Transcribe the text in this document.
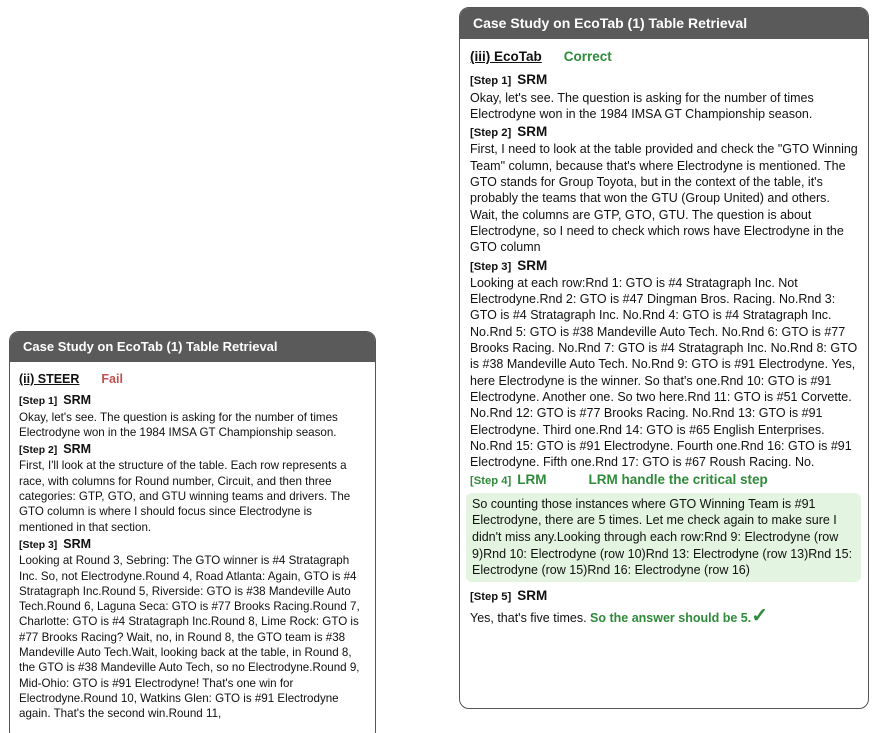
Case Study on EcoTab (1) Table Retrieval
(ii) STEER Fail
[Step 1] SRM
Okay, let's see. The question is asking for the number of times Electrodyne won in the 1984 IMSA GT Championship season.
[Step 2] SRM
First, I'll look at the structure of the table. Each row represents a race, with columns for Round number, Circuit, and then three categories: GTP, GTO, and GTU winning teams and drivers. The GTO column is where I should focus since Electrodyne is mentioned in that section.
[Step 3] SRM
Looking at Round 3, Sebring: The GTO winner is #4 Stratagraph Inc. So, not Electrodyne.Round 4, Road Atlanta: Again, GTO is #4 Stratagraph Inc.Round 5, Riverside: GTO is #38 Mandeville Auto Tech.Round 6, Laguna Seca: GTO is #77 Brooks Racing.Round 7, Charlotte: GTO is #4 Stratagraph Inc.Round 8, Lime Rock: GTO is #77 Brooks Racing? Wait, no, in Round 8, the GTO team is #38 Mandeville Auto Tech.Wait, looking back at the table, in Round 8, the GTO is #38 Mandeville Auto Tech, so no Electrodyne.Round 9, Mid-Ohio: GTO is #91 Electrodyne! That's one win for Electrodyne.Round 10, Watkins Glen: GTO is #91 Electrodyne again. That's the second win.Round 11,
Case Study on EcoTab (1) Table Retrieval
(iii) EcoTab Correct
[Step 1] SRM
Okay, let's see. The question is asking for the number of times Electrodyne won in the 1984 IMSA GT Championship season.
[Step 2] SRM
First, I need to look at the table provided and check the "GTO Winning Team" column, because that's where Electrodyne is mentioned. The GTO stands for Group Toyota, but in the context of the table, it's probably the teams that won the GTU (Group United) and others. Wait, the columns are GTP, GTO, GTU. The question is about Electrodyne, so I need to check which rows have Electrodyne in the GTO column
[Step 3] SRM
Looking at each row:Rnd 1: GTO is #4 Stratagraph Inc. Not Electrodyne.Rnd 2: GTO is #47 Dingman Bros. Racing. No.Rnd 3: GTO is #4 Stratagraph Inc. No.Rnd 4: GTO is #4 Stratagraph Inc. No.Rnd 5: GTO is #38 Mandeville Auto Tech. No.Rnd 6: GTO is #77 Brooks Racing. No.Rnd 7: GTO is #4 Stratagraph Inc. No.Rnd 8: GTO is #38 Mandeville Auto Tech. No.Rnd 9: GTO is #91 Electrodyne. Yes, here Electrodyne is the winner. So that's one.Rnd 10: GTO is #91 Electrodyne. Another one. So two here.Rnd 11: GTO is #51 Corvette. No.Rnd 12: GTO is #77 Brooks Racing. No.Rnd 13: GTO is #91 Electrodyne. Third one.Rnd 14: GTO is #65 English Enterprises. No.Rnd 15: GTO is #91 Electrodyne. Fourth one.Rnd 16: GTO is #91 Electrodyne. Fifth one.Rnd 17: GTO is #67 Roush Racing. No.
[Step 4] LRM	LRM handle the critical step
So counting those instances where GTO Winning Team is #91 Electrodyne, there are 5 times. Let me check again to make sure I didn't miss any.Looking through each row:Rnd 9: Electrodyne (row 9)Rnd 10: Electrodyne (row 10)Rnd 13: Electrodyne (row 13)Rnd 15: Electrodyne (row 15)Rnd 16: Electrodyne (row 16)
[Step 5] SRM
Yes, that's five times. So the answer should be 5.✓
